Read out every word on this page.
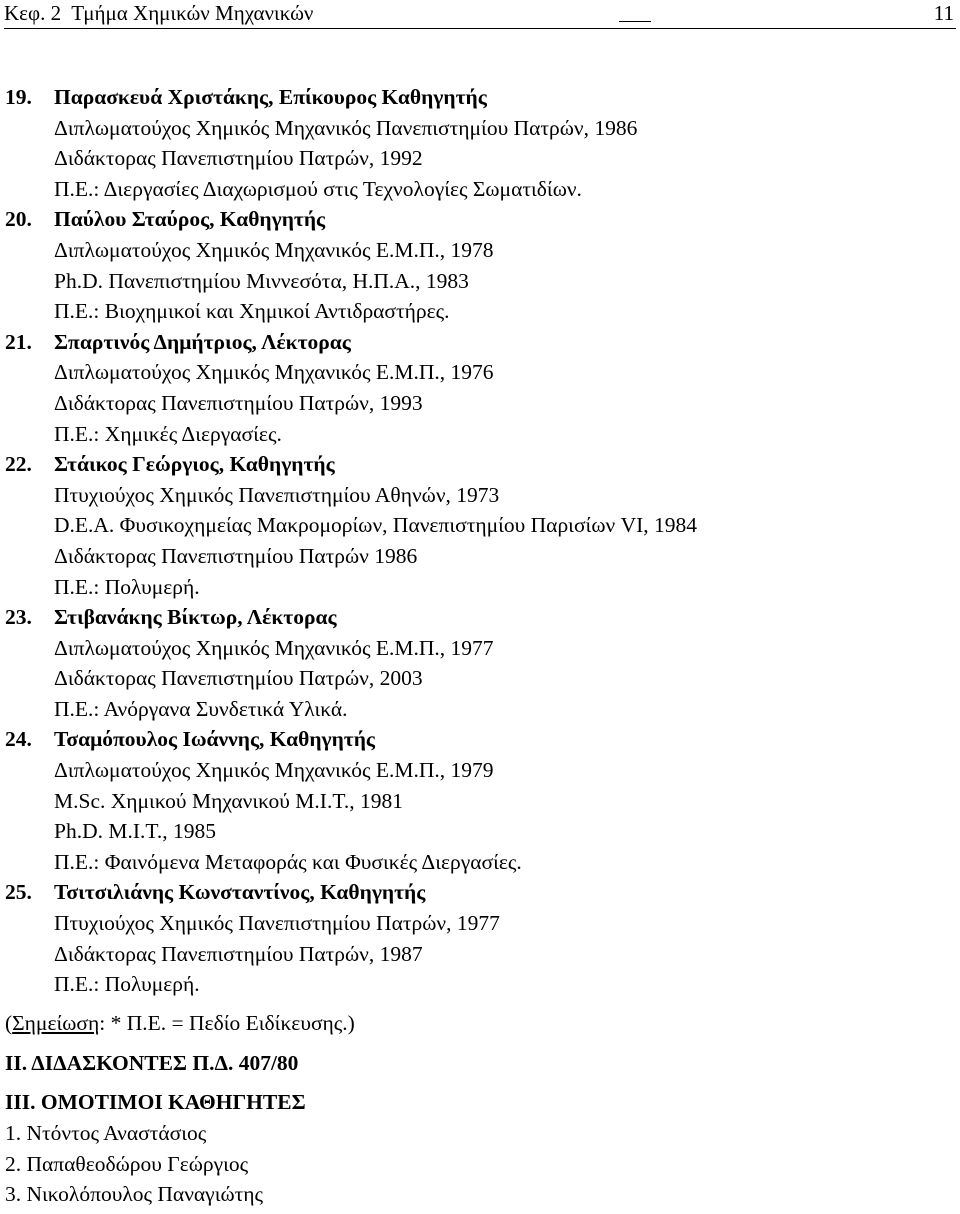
Κεφ. 2  Τμήμα Χημικών Μηχανικών	11
19. Παρασκευά Χριστάκης, Επίκουρος Καθηγητής
Διπλωματούχος Χημικός Μηχανικός Πανεπιστημίου Πατρών, 1986
Διδάκτορας Πανεπιστημίου Πατρών, 1992
Π.Ε.: Διεργασίες Διαχωρισμού στις Τεχνολογίες Σωματιδίων.
20. Παύλου Σταύρος, Καθηγητής
Διπλωματούχος Χημικός Μηχανικός Ε.Μ.Π., 1978
Ph.D. Πανεπιστημίου Μιννεσότα, Η.Π.Α., 1983
Π.Ε.: Βιοχημικοί και Χημικοί Αντιδραστήρες.
21. Σπαρτινός Δημήτριος, Λέκτορας
Διπλωματούχος Χημικός Μηχανικός Ε.Μ.Π., 1976
Διδάκτορας Πανεπιστημίου Πατρών, 1993
Π.Ε.: Χημικές Διεργασίες.
22. Στάικος Γεώργιος, Καθηγητής
Πτυχιούχος Χημικός Πανεπιστημίου Αθηνών, 1973
D.E.A. Φυσικοχημείας Μακρομορίων, Πανεπιστημίου Παρισίων VI, 1984
Διδάκτορας Πανεπιστημίου Πατρών 1986
Π.Ε.: Πολυμερή.
23. Στιβανάκης Βίκτωρ, Λέκτορας
Διπλωματούχος Χημικός Μηχανικός Ε.Μ.Π., 1977
Διδάκτορας Πανεπιστημίου Πατρών, 2003
Π.Ε.: Ανόργανα Συνδετικά Υλικά.
24. Τσαμόπουλος Ιωάννης, Καθηγητής
Διπλωματούχος Χημικός Μηχανικός Ε.Μ.Π., 1979
M.Sc. Χημικού Μηχανικού M.I.T., 1981
Ph.D. M.I.T., 1985
Π.Ε.: Φαινόμενα Μεταφοράς και Φυσικές Διεργασίες.
25. Τσιτσιλιάνης Κωνσταντίνος, Καθηγητής
Πτυχιούχος Χημικός Πανεπιστημίου Πατρών, 1977
Διδάκτορας Πανεπιστημίου Πατρών, 1987
Π.Ε.: Πολυμερή.
(Σημείωση: * Π.Ε. = Πεδίο Ειδίκευσης.)
ΙΙ. ΔΙΔΑΣΚΟΝΤΕΣ Π.Δ. 407/80
ΙΙΙ. ΟΜΟΤΙΜΟΙ ΚΑΘΗΓΗΤΕΣ
1. Ντόντος Αναστάσιος
2. Παπαθεοδώρου Γεώργιος
3. Νικολόπουλος Παναγιώτης
